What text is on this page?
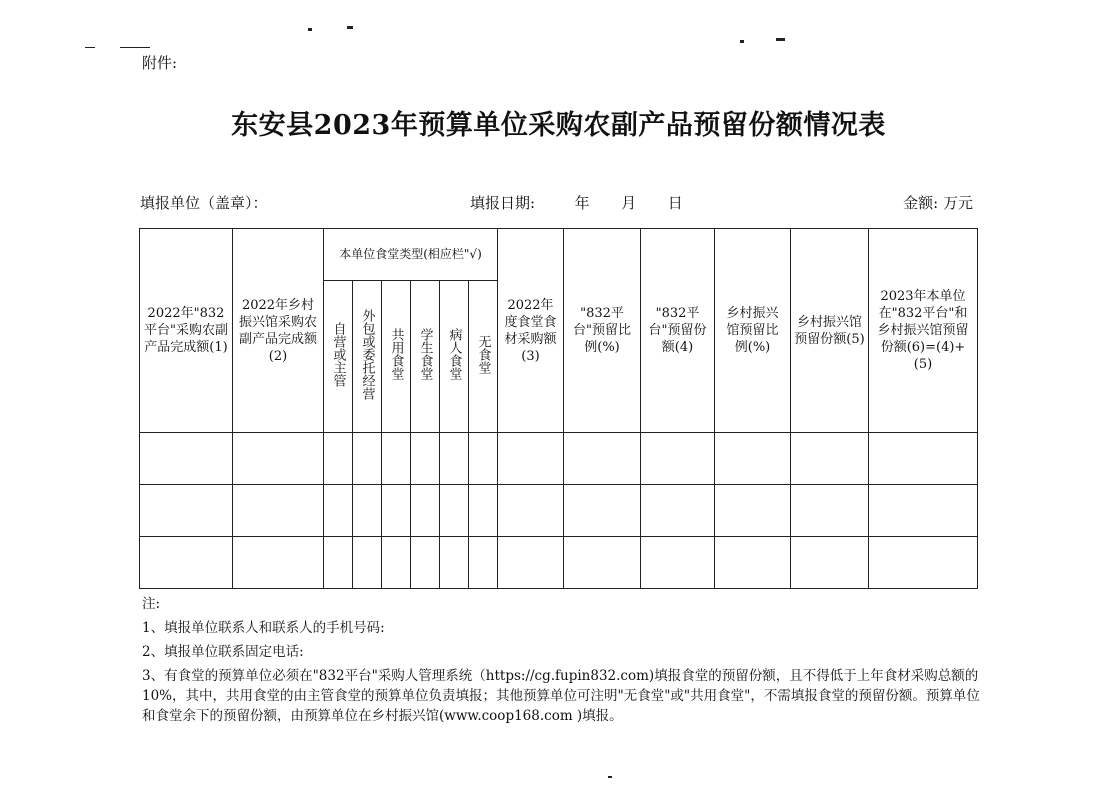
附件:
东安县2023年预算单位采购农副产品预留份额情况表
填报单位（盖章）：	填报日期:	年 月 日	金额: 万元
2022年"832平台"采购农副产品完成额(1)	2022年乡村振兴馆采购农副产品完成额(2)	本单位食堂类型(相应栏"√)						2022年度食堂食材采购额(3)	"832平台"预留比例(%)	"832平台"预留份额(4)	乡村振兴馆预留比例(%)	乡村振兴馆预留份额(5)	2023年本单位在"832平台"和乡村振兴馆预留份额(6)=(4)+(5)

		自营或主管	外包或委托经营	共用食堂	学生食堂	病人食堂	无食堂						

注:

1、填报单位联系人和联系人的手机号码:

2、填报单位联系固定电话:

3、有食堂的预算单位必须在"832平台"采购人管理系统（https://cg.fupin832.com)填报食堂的预留份额，且不得低于上年食材采购总额的10%，其中，共用食堂的由主管食堂的预算单位负责填报；其他预算单位可注明"无食堂"或"共用食堂"，不需填报食堂的预留份额。预算单位和食堂余下的预留份额，由预算单位在乡村振兴馆(www.coop168.com )填报。
